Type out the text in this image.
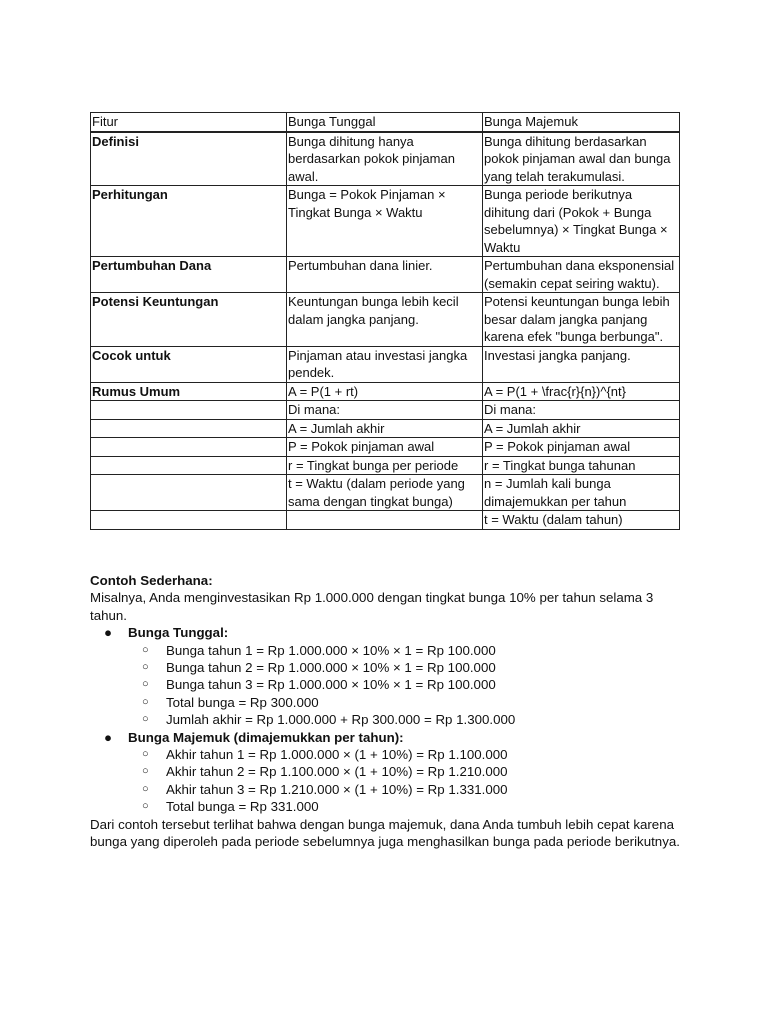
Fitur	Bunga Tunggal	Bunga Majemuk
Definisi	Bunga dihitung hanya berdasarkan pokok pinjaman awal.	Bunga dihitung berdasarkan pokok pinjaman awal dan bunga yang telah terakumulasi.
Perhitungan	Bunga = Pokok Pinjaman × Tingkat Bunga × Waktu	Bunga periode berikutnya dihitung dari (Pokok + Bunga sebelumnya) × Tingkat Bunga × Waktu
Pertumbuhan Dana	Pertumbuhan dana linier.	Pertumbuhan dana eksponensial (semakin cepat seiring waktu).
Potensi Keuntungan	Keuntungan bunga lebih kecil dalam jangka panjang.	Potensi keuntungan bunga lebih besar dalam jangka panjang karena efek "bunga berbunga".
Cocok untuk	Pinjaman atau investasi jangka pendek.	Investasi jangka panjang.
Rumus Umum	A = P(1 + rt)	A = P(1 + \frac{r}{n})^{nt}
	Di mana:	Di mana:
	A = Jumlah akhir	A = Jumlah akhir
	P = Pokok pinjaman awal	P = Pokok pinjaman awal
	r = Tingkat bunga per periode	r = Tingkat bunga tahunan
	t = Waktu (dalam periode yang sama dengan tingkat bunga)	n = Jumlah kali bunga dimajemukkan per tahun
		t = Waktu (dalam tahun)

Contoh Sederhana:

Misalnya, Anda menginvestasikan Rp 1.000.000 dengan tingkat bunga 10% per tahun selama 3 tahun.

● Bunga Tunggal:
○ Bunga tahun 1 = Rp 1.000.000 × 10% × 1 = Rp 100.000
○ Bunga tahun 2 = Rp 1.000.000 × 10% × 1 = Rp 100.000
○ Bunga tahun 3 = Rp 1.000.000 × 10% × 1 = Rp 100.000
○ Total bunga = Rp 300.000
○ Jumlah akhir = Rp 1.000.000 + Rp 300.000 = Rp 1.300.000
● Bunga Majemuk (dimajemukkan per tahun):
○ Akhir tahun 1 = Rp 1.000.000 × (1 + 10%) = Rp 1.100.000
○ Akhir tahun 2 = Rp 1.100.000 × (1 + 10%) = Rp 1.210.000
○ Akhir tahun 3 = Rp 1.210.000 × (1 + 10%) = Rp 1.331.000
○ Total bunga = Rp 331.000

Dari contoh tersebut terlihat bahwa dengan bunga majemuk, dana Anda tumbuh lebih cepat karena bunga yang diperoleh pada periode sebelumnya juga menghasilkan bunga pada periode berikutnya.
